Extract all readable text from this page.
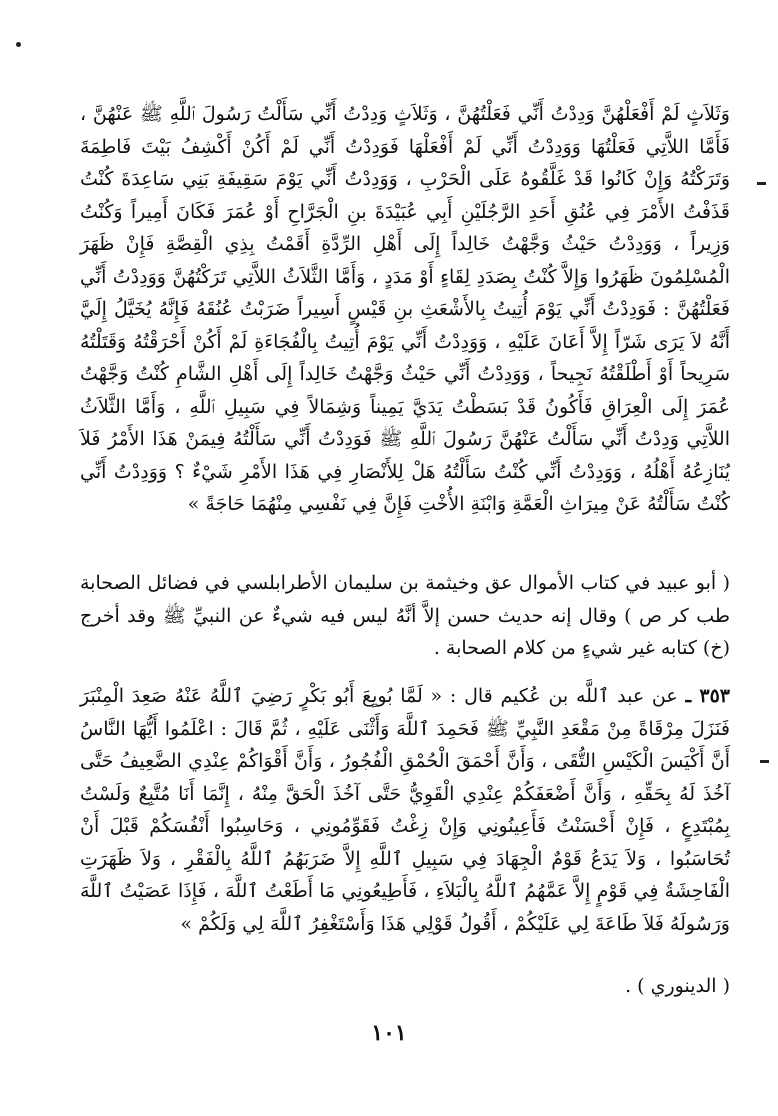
وَثَلاَثٍ لَمْ أَفْعَلْهُنَّ وَدِدْتُ أَنِّي فَعَلْتُهُنَّ ، وَثَلاَثٍ وَدِدْتُ أَنِّي سَأَلْتُ رَسُولَ ٱللَّهِ ﷺ عَنْهُنَّ ، فَأَمَّا اللاَّتِي فَعَلْتُهَا وَوَدِدْتُ أَنِّي لَمْ أَفْعَلْهَا فَوَدِدْتُ أَنِّي لَمْ أَكُنْ أَكْشِفُ بَيْتَ فَاطِمَةَ وَتَرَكْتُهُ وَإِنْ كَانُوا قَدْ غَلَّقُوهُ عَلَى الْحَرْبِ ، وَوَدِدْتُ أَنِّي يَوْمَ سَقِيفَةِ بَنِي سَاعِدَةَ كُنْتُ قَذَفْتُ الأَمْرَ فِي عُنُقِ أَحَدِ الرَّجُلَيْنِ أَبِي عُبَيْدَةَ بنِ الْجَرَّاحِ أَوْ عُمَرَ فَكَانَ أَمِيراً وَكُنْتُ وَزِيراً ، وَوَدِدْتُ حَيْثُ وَجَّهْتُ خَالِداً إِلَى أَهْلِ الرِّدَّةِ أَقَمْتُ بِذِي الْقِصَّةِ فَإِنْ ظَهَرَ الْمُسْلِمُونَ ظَهَرُوا وَإِلاَّ كُنْتُ بِصَدَدِ لِقَاءٍ أَوْ مَدَدٍ ، وَأَمَّا الثَّلاَثُ اللاَّتِي تَرَكْتُهُنَّ وَوَدِدْتُ أَنِّي فَعَلْتُهُنَّ : فَوَدِدْتُ أَنِّي يَوْمَ أُتِيتُ بِالأَشْعَثِ بنِ قَيْسٍ أَسِيراً ضَرَبْتُ عُنُقَهُ فَإِنَّهُ يُخَيَّلُ إِلَيَّ أَنَّهُ لاَ يَرَى شَرّاً إِلاَّ أَعَانَ عَلَيْهِ ، وَوَدِدْتُ أَنِّي يَوْمَ أُتِيتُ بِالْفُجَاءَةِ لَمْ أَكُنْ أَحْرَقْتُهُ وَقَتَلْتُهُ سَرِيحاً أَوْ أَطْلَقْتُهُ نَجِيحاً ، وَوَدِدْتُ أَنِّي حَيْثُ وَجَّهْتُ خَالِداً إِلَى أَهْلِ الشَّامِ كُنْتُ وَجَّهْتُ عُمَرَ إِلَى الْعِرَاقِ فَأَكُونُ قَدْ بَسَطْتُ يَدَيَّ يَمِيناً وَشِمَالاً فِي سَبِيلِ ٱللَّهِ ، وَأَمَّا الثَّلاَثُ اللاَّتِي وَدِدْتُ أَنِّي سَأَلْتُ عَنْهُنَّ رَسُولَ ٱللَّهِ ﷺ فَوَدِدْتُ أَنِّي سَأَلْتُهُ فِيمَنْ هَذَا الأَمْرُ فَلاَ يُنَازِعُهُ أَهْلُهُ ، وَوَدِدْتُ أَنِّي كُنْتُ سَأَلْتُهُ هَلْ لِلأَنْصَارِ فِي هَذَا الأَمْرِ شَيْءٌ ؟ وَوَدِدْتُ أَنِّي كُنْتُ سَأَلْتُهُ عَنْ مِيرَاثِ الْعَمَّةِ وَابْنَةِ الأُخْتِ فَإِنَّ فِي نَفْسِي مِنْهُمَا حَاجَةً »

( أبو عبيد في كتاب الأموال عق وخيثمة بن سليمان الأطرابلسي في فضائل الصحابة طب كر ص ) وقال إنه حديث حسن إلاَّ أنَّهُ ليس فيه شيءٌ عن النبيِّ ﷺ وقد أخرج (خ) كتابه غير شيءٍ من كلام الصحابة .

٣٥٣ ـ عن عبد ٱللَّه بن عُكيم قال : « لَمَّا بُويِعَ أَبُو بَكْرٍ رَضِيَ ٱللَّهُ عَنْهُ صَعِدَ الْمِنْبَرَ فَنَزَلَ مِرْقَاةً مِنْ مَقْعَدِ النَّبِيِّ ﷺ فَحَمِدَ ٱللَّهَ وَأَثْنَى عَلَيْهِ ، ثُمَّ قَالَ : اعْلَمُوا أَيُّهَا النَّاسُ أَنَّ أَكْيَسَ الْكَيْسِ التُّقَى ، وَأَنَّ أَحْمَقَ الْحُمْقِ الْفُجُورُ ، وَأَنَّ أَقْوَاكُمْ عِنْدِي الضَّعِيفُ حَتَّى آخُذَ لَهُ بِحَقِّهِ ، وَأَنَّ أَضْعَفَكُمْ عِنْدِي الْقَوِيُّ حَتَّى آخُذَ الْحَقَّ مِنْهُ ، إِنَّمَا أَنَا مُتَّبِعٌ وَلَسْتُ بِمُبْتَدِعٍ ، فَإِنْ أَحْسَنْتُ فَأَعِينُونِي وَإِنْ زِغْتُ فَقَوِّمُونِي ، وَحَاسِبُوا أَنْفُسَكُمْ قَبْلَ أَنْ تُحَاسَبُوا ، وَلاَ يَدَعُ قَوْمٌ الْجِهَادَ فِي سَبِيلِ ٱللَّهِ إِلاَّ ضَرَبَهُمُ ٱللَّهُ بِالْفَقْرِ ، وَلاَ ظَهَرَتِ الْفَاحِشَةُ فِي قَوْمٍ إِلاَّ عَمَّهُمُ ٱللَّهُ بِالْبَلاَءِ ، فَأَطِيعُونِي مَا أَطَعْتُ ٱللَّهَ ، فَإِذَا عَصَيْتُ ٱللَّهَ وَرَسُولَهُ فَلاَ طَاعَةَ لِي عَلَيْكُمْ ، أَقُولُ قَوْلِي هَذَا وَأَسْتَغْفِرُ ٱللَّهَ لِي وَلَكُمْ »

( الدينوري ) .

١٠١
